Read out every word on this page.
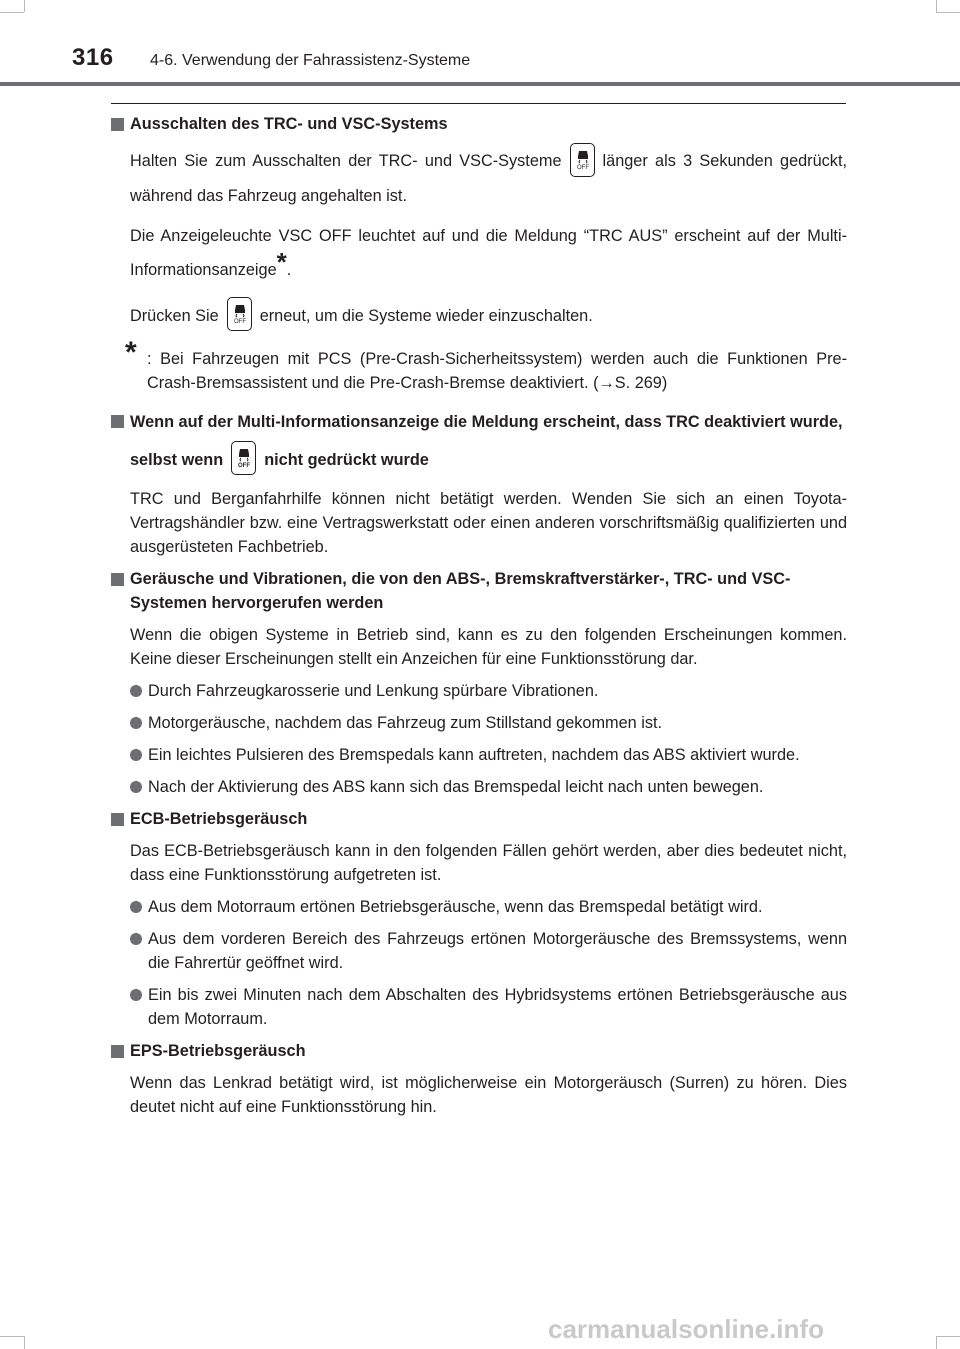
316 4-6. Verwendung der Fahrassistenz-Systeme
Ausschalten des TRC- und VSC-Systems
Halten Sie zum Ausschalten der TRC- und VSC-Systeme	OFF länger als 3 Sekunden gedrückt, während das Fahrzeug angehalten ist.
Die Anzeigeleuchte VSC OFF leuchtet auf und die Meldung “TRC AUS” erscheint auf der Multi-Informationsanzeige*.
Drücken Sie	OFF erneut, um die Systeme wieder einzuschalten.
* : Bei Fahrzeugen mit PCS (Pre-Crash-Sicherheitssystem) werden auch die Funktionen Pre-Crash-Bremsassistent und die Pre-Crash-Bremse deaktiviert. (→S. 269)
Wenn auf der Multi-Informationsanzeige die Meldung erscheint, dass TRC deaktiviert wurde, selbst wenn	OFF nicht gedrückt wurde
TRC und Berganfahrhilfe können nicht betätigt werden. Wenden Sie sich an einen Toyota-Vertragshändler bzw. eine Vertragswerkstatt oder einen anderen vorschriftsmäßig qualifizierten und ausgerüsteten Fachbetrieb.
Geräusche und Vibrationen, die von den ABS-, Bremskraftverstärker-, TRC- und VSC-Systemen hervorgerufen werden
Wenn die obigen Systeme in Betrieb sind, kann es zu den folgenden Erscheinungen kommen. Keine dieser Erscheinungen stellt ein Anzeichen für eine Funktionsstörung dar.
Durch Fahrzeugkarosserie und Lenkung spürbare Vibrationen.
Motorgeräusche, nachdem das Fahrzeug zum Stillstand gekommen ist.
Ein leichtes Pulsieren des Bremspedals kann auftreten, nachdem das ABS aktiviert wurde.
Nach der Aktivierung des ABS kann sich das Bremspedal leicht nach unten bewegen.
ECB-Betriebsgeräusch
Das ECB-Betriebsgeräusch kann in den folgenden Fällen gehört werden, aber dies bedeutet nicht, dass eine Funktionsstörung aufgetreten ist.
Aus dem Motorraum ertönen Betriebsgeräusche, wenn das Bremspedal betätigt wird.
Aus dem vorderen Bereich des Fahrzeugs ertönen Motorgeräusche des Bremssystems, wenn die Fahrertür geöffnet wird.
Ein bis zwei Minuten nach dem Abschalten des Hybridsystems ertönen Betriebsgeräusche aus dem Motorraum.
EPS-Betriebsgeräusch
Wenn das Lenkrad betätigt wird, ist möglicherweise ein Motorgeräusch (Surren) zu hören. Dies deutet nicht auf eine Funktionsstörung hin.
carmanualsonline.info
